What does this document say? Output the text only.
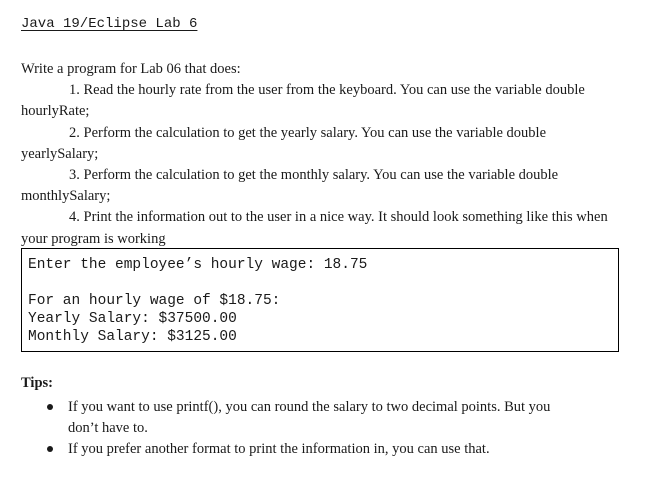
Java 19/Eclipse Lab 6

Write a program for Lab 06 that does:

1. Read the hourly rate from the user from the keyboard. You can use the variable double hourlyRate;

2. Perform the calculation to get the yearly salary. You can use the variable double yearlySalary;

3. Perform the calculation to get the monthly salary. You can use the variable double monthlySalary;

4. Print the information out to the user in a nice way. It should look something like this when your program is working

Enter the employee’s hourly wage: 18.75
For an hourly wage of $18.75:
Yearly Salary: $37500.00
Monthly Salary: $3125.00
Tips:
If you want to use printf(), you can round the salary to two decimal points. But you don’t have to.
If you prefer another format to print the information in, you can use that.
